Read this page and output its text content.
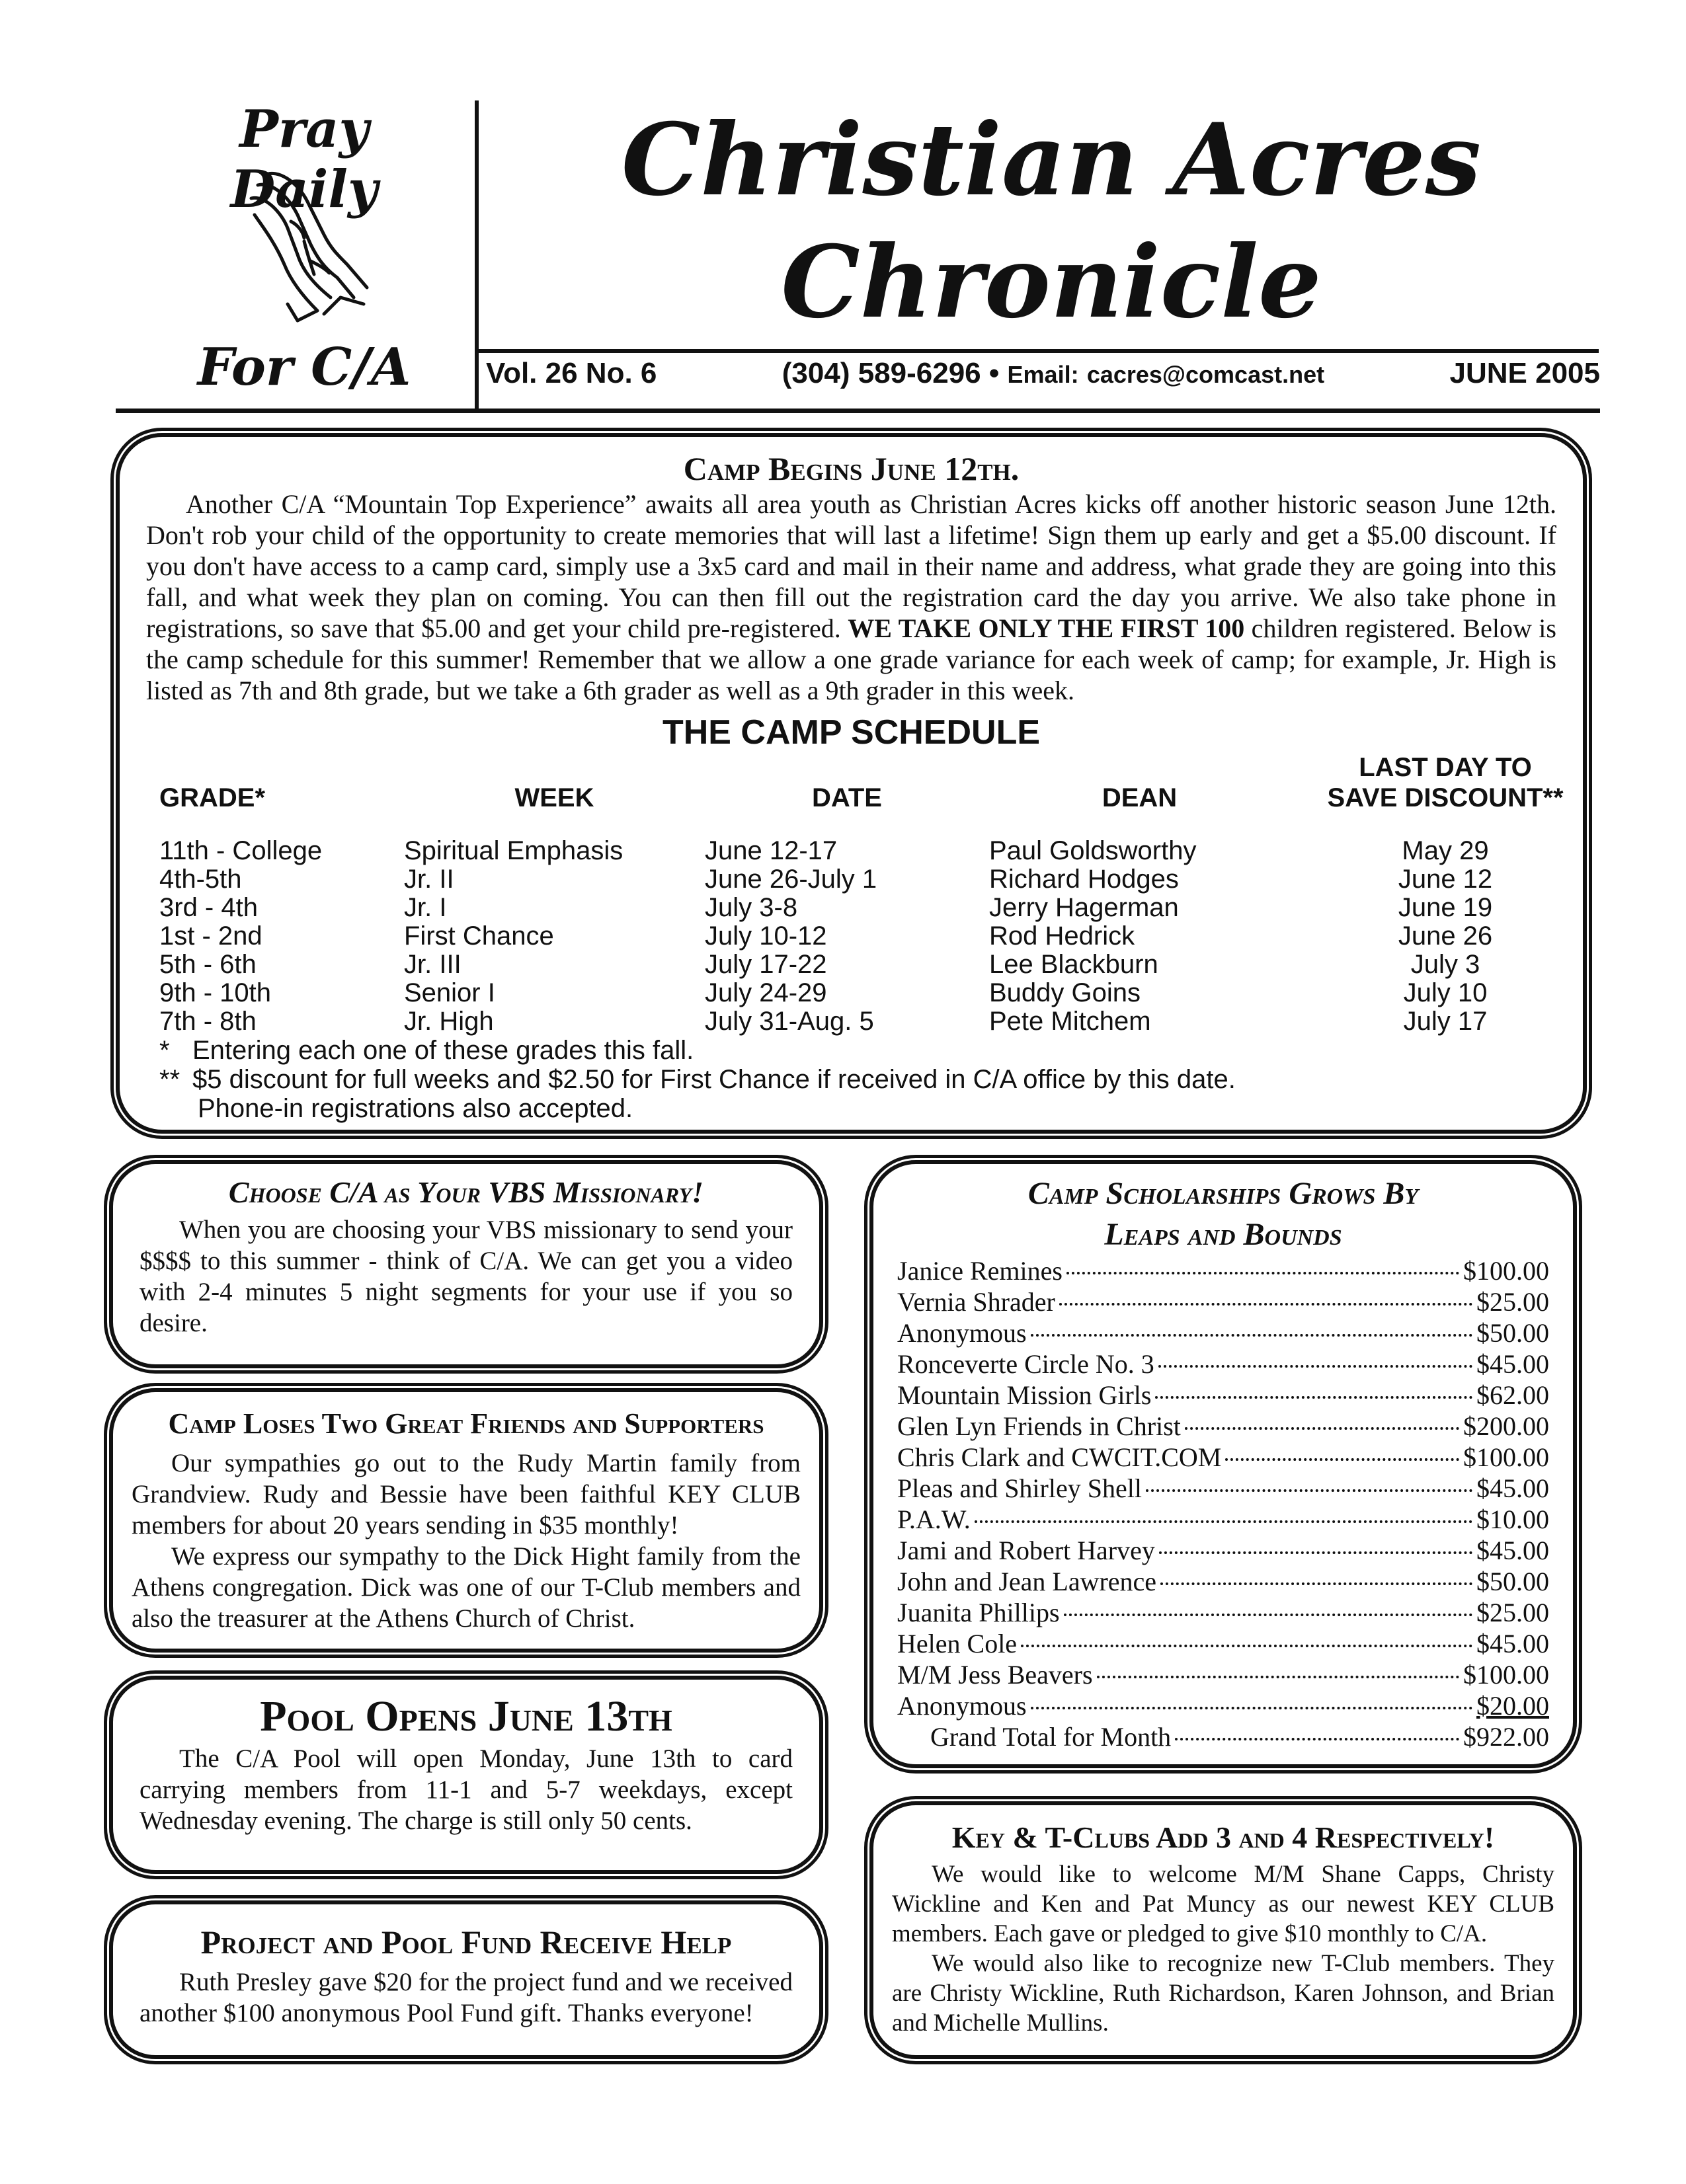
Pray Daily
For C/A
Christian Acres
Chronicle
Vol. 26 No. 6	(304) 589-6296 • Email: cacres@comcast.net	JUNE 2005
Camp Begins June 12th.

Another C/A “Mountain Top Experience” awaits all area youth as Christian Acres kicks off another historic season June 12th. Don't rob your child of the opportunity to create memories that will last a lifetime! Sign them up early and get a $5.00 discount. If you don't have access to a camp card, simply use a 3x5 card and mail in their name and address, what grade they are going into this fall, and what week they plan on coming. You can then fill out the registration card the day you arrive. We also take phone in registrations, so save that $5.00 and get your child pre-registered. WE TAKE ONLY THE FIRST 100 children registered. Below is the camp schedule for this summer! Remember that we allow a one grade variance for each week of camp; for example, Jr. High is listed as 7th and 8th grade, but we take a 6th grader as well as a 9th grader in this week.

THE CAMP SCHEDULE
GRADE*	WEEK	DATE	DEAN	LAST DAY TO
SAVE DISCOUNT**

11th - College	Spiritual Emphasis	June 12-17	Paul Goldsworthy	May 29
4th-5th	Jr. II	June 26-July 1	Richard Hodges	June 12
3rd - 4th	Jr. I	July 3-8	Jerry Hagerman	June 19
1st - 2nd	First Chance	July 10-12	Rod Hedrick	June 26
5th - 6th	Jr. III	July 17-22	Lee Blackburn	July 3
9th - 10th	Senior I	July 24-29	Buddy Goins	July 10
7th - 8th	Jr. High	July 31-Aug. 5	Pete Mitchem	July 17
* Entering each one of these grades this fall.
** $5 discount for full weeks and $2.50 for First Chance if received in C/A office by this date.
Phone-in registrations also accepted.
Choose C/A as Your VBS Missionary!

When you are choosing your VBS missionary to send your $$$$ to this summer - think of C/A. We can get you a video with 2-4 minutes 5 night segments for your use if you so desire.

Camp Loses Two Great Friends and Supporters

Our sympathies go out to the Rudy Martin family from Grandview. Rudy and Bessie have been faithful KEY CLUB members for about 20 years sending in $35 monthly!

We express our sympathy to the Dick Hight family from the Athens congregation. Dick was one of our T-Club members and also the treasurer at the Athens Church of Christ.

Pool Opens June 13th

The C/A Pool will open Monday, June 13th to card carrying members from 11-1 and 5-7 weekdays, except Wednesday evening. The charge is still only 50 cents.

Project and Pool Fund Receive Help

Ruth Presley gave $20 for the project fund and we received another $100 anonymous Pool Fund gift. Thanks everyone!

Camp Scholarships Grows By
Leaps and Bounds
Janice Remines	$100.00
Vernia Shrader	$25.00
Anonymous	$50.00
Ronceverte Circle No. 3	$45.00
Mountain Mission Girls	$62.00
Glen Lyn Friends in Christ	$200.00
Chris Clark and CWCIT.COM	$100.00
Pleas and Shirley Shell	$45.00
P.A.W.	$10.00
Jami and Robert Harvey	$45.00
John and Jean Lawrence	$50.00
Juanita Phillips	$25.00
Helen Cole	$45.00
M/M Jess Beavers	$100.00
Anonymous	$20.00
Grand Total for Month	$922.00
Key & T-Clubs Add 3 and 4 Respectively!

We would like to welcome M/M Shane Capps, Christy Wickline and Ken and Pat Muncy as our newest KEY CLUB members. Each gave or pledged to give $10 monthly to C/A.

We would also like to recognize new T-Club members. They are Christy Wickline, Ruth Richardson, Karen Johnson, and Brian and Michelle Mullins.
